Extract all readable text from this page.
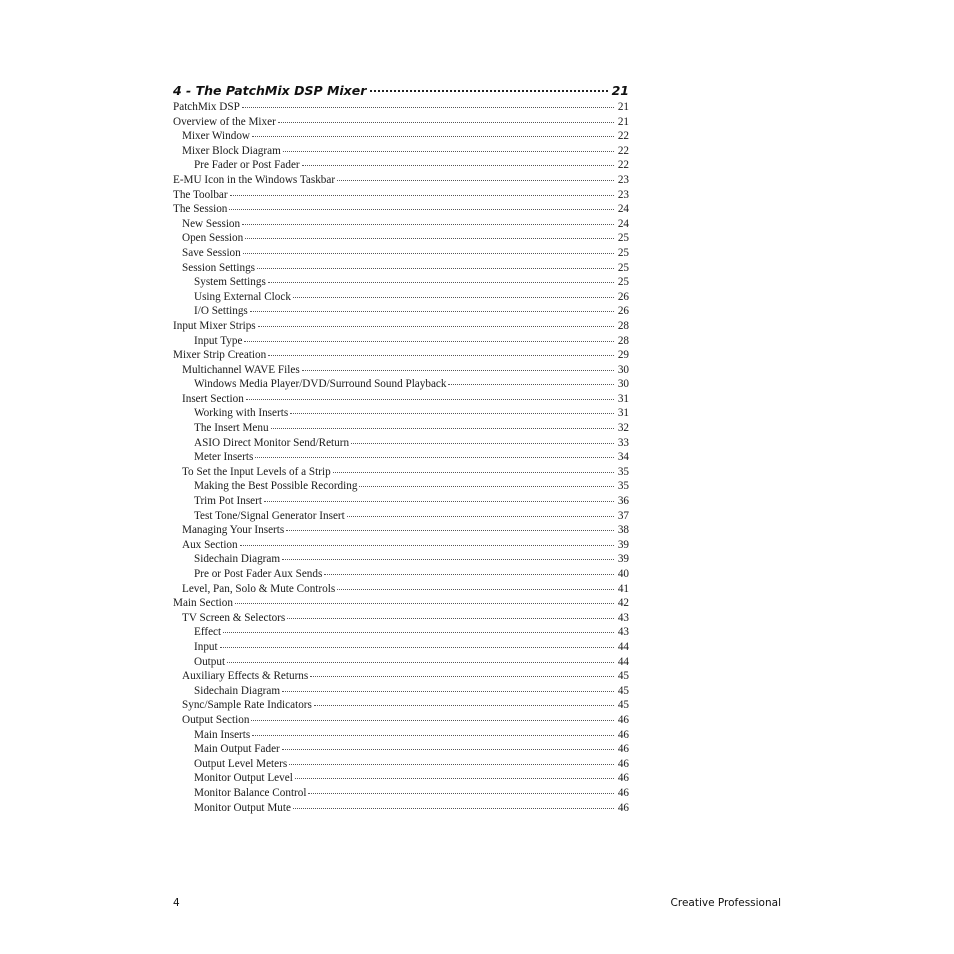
4 - The PatchMix DSP Mixer	21
PatchMix DSP	21
Overview of the Mixer	21
Mixer Window	22
Mixer Block Diagram	22
Pre Fader or Post Fader	22
E-MU Icon in the Windows Taskbar	23
The Toolbar	23
The Session	24
New Session	24
Open Session	25
Save Session	25
Session Settings	25
System Settings	25
Using External Clock	26
I/O Settings	26
Input Mixer Strips	28
Input Type	28
Mixer Strip Creation	29
Multichannel WAVE Files	30
Windows Media Player/DVD/Surround Sound Playback	30
Insert Section	31
Working with Inserts	31
The Insert Menu	32
ASIO Direct Monitor Send/Return	33
Meter Inserts	34
To Set the Input Levels of a Strip	35
Making the Best Possible Recording	35
Trim Pot Insert	36
Test Tone/Signal Generator Insert	37
Managing Your Inserts	38
Aux Section	39
Sidechain Diagram	39
Pre or Post Fader Aux Sends	40
Level, Pan, Solo & Mute Controls	41
Main Section	42
TV Screen & Selectors	43
Effect	43
Input	44
Output	44
Auxiliary Effects & Returns	45
Sidechain Diagram	45
Sync/Sample Rate Indicators	45
Output Section	46
Main Inserts	46
Main Output Fader	46
Output Level Meters	46
Monitor Output Level	46
Monitor Balance Control	46
Monitor Output Mute	46
4	Creative Professional
